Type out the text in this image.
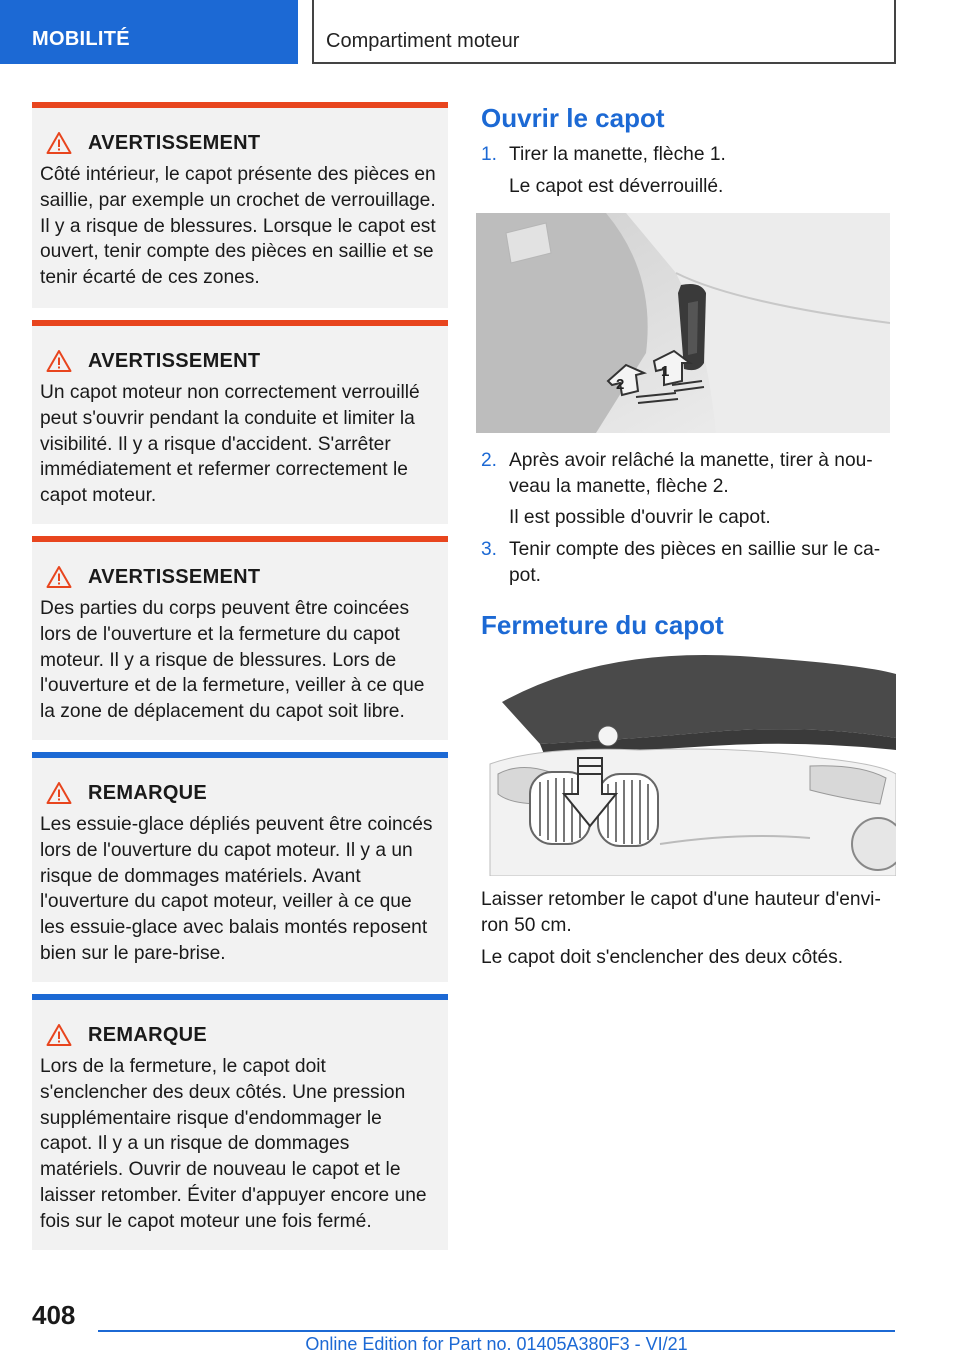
MOBILITÉ	Compartiment moteur
AVERTISSEMENT
Côté intérieur, le capot présente des pièces en saillie, par exemple un crochet de verrouillage. Il y a risque de blessures. Lorsque le capot est ouvert, tenir compte des pièces en saillie et se tenir écarté de ces zones.
AVERTISSEMENT
Un capot moteur non correctement verrouillé peut s'ouvrir pendant la conduite et limiter la visibilité. Il y a risque d'accident. S'arrêter immédiatement et refermer correctement le capot moteur.
AVERTISSEMENT
Des parties du corps peuvent être coincées lors de l'ouverture et la fermeture du capot moteur. Il y a risque de blessures. Lors de l'ouverture et de la fermeture, veiller à ce que la zone de déplacement du capot soit libre.
REMARQUE
Les essuie-glace dépliés peuvent être coincés lors de l'ouverture du capot moteur. Il y a un risque de dommages matériels. Avant l'ouverture du capot moteur, veiller à ce que les essuie-glace avec balais montés reposent bien sur le pare-brise.
REMARQUE
Lors de la fermeture, le capot doit s'enclencher des deux côtés. Une pression supplémentaire risque d'endommager le capot. Il y a un risque de dommages matériels. Ouvrir de nouveau le capot et le laisser retomber. Éviter d'appuyer encore une fois sur le capot moteur une fois fermé.
Ouvrir le capot
1. Tirer la manette, flèche 1.
Le capot est déverrouillé.
1
2
2. Après avoir relâché la manette, tirer à nouveau la manette, flèche 2.
Il est possible d'ouvrir le capot.
3. Tenir compte des pièces en saillie sur le capot.
Fermeture du capot
Laisser retomber le capot d'une hauteur d'environ 50 cm.
Le capot doit s'enclencher des deux côtés.
408
Online Edition for Part no. 01405A380F3 - VI/21
